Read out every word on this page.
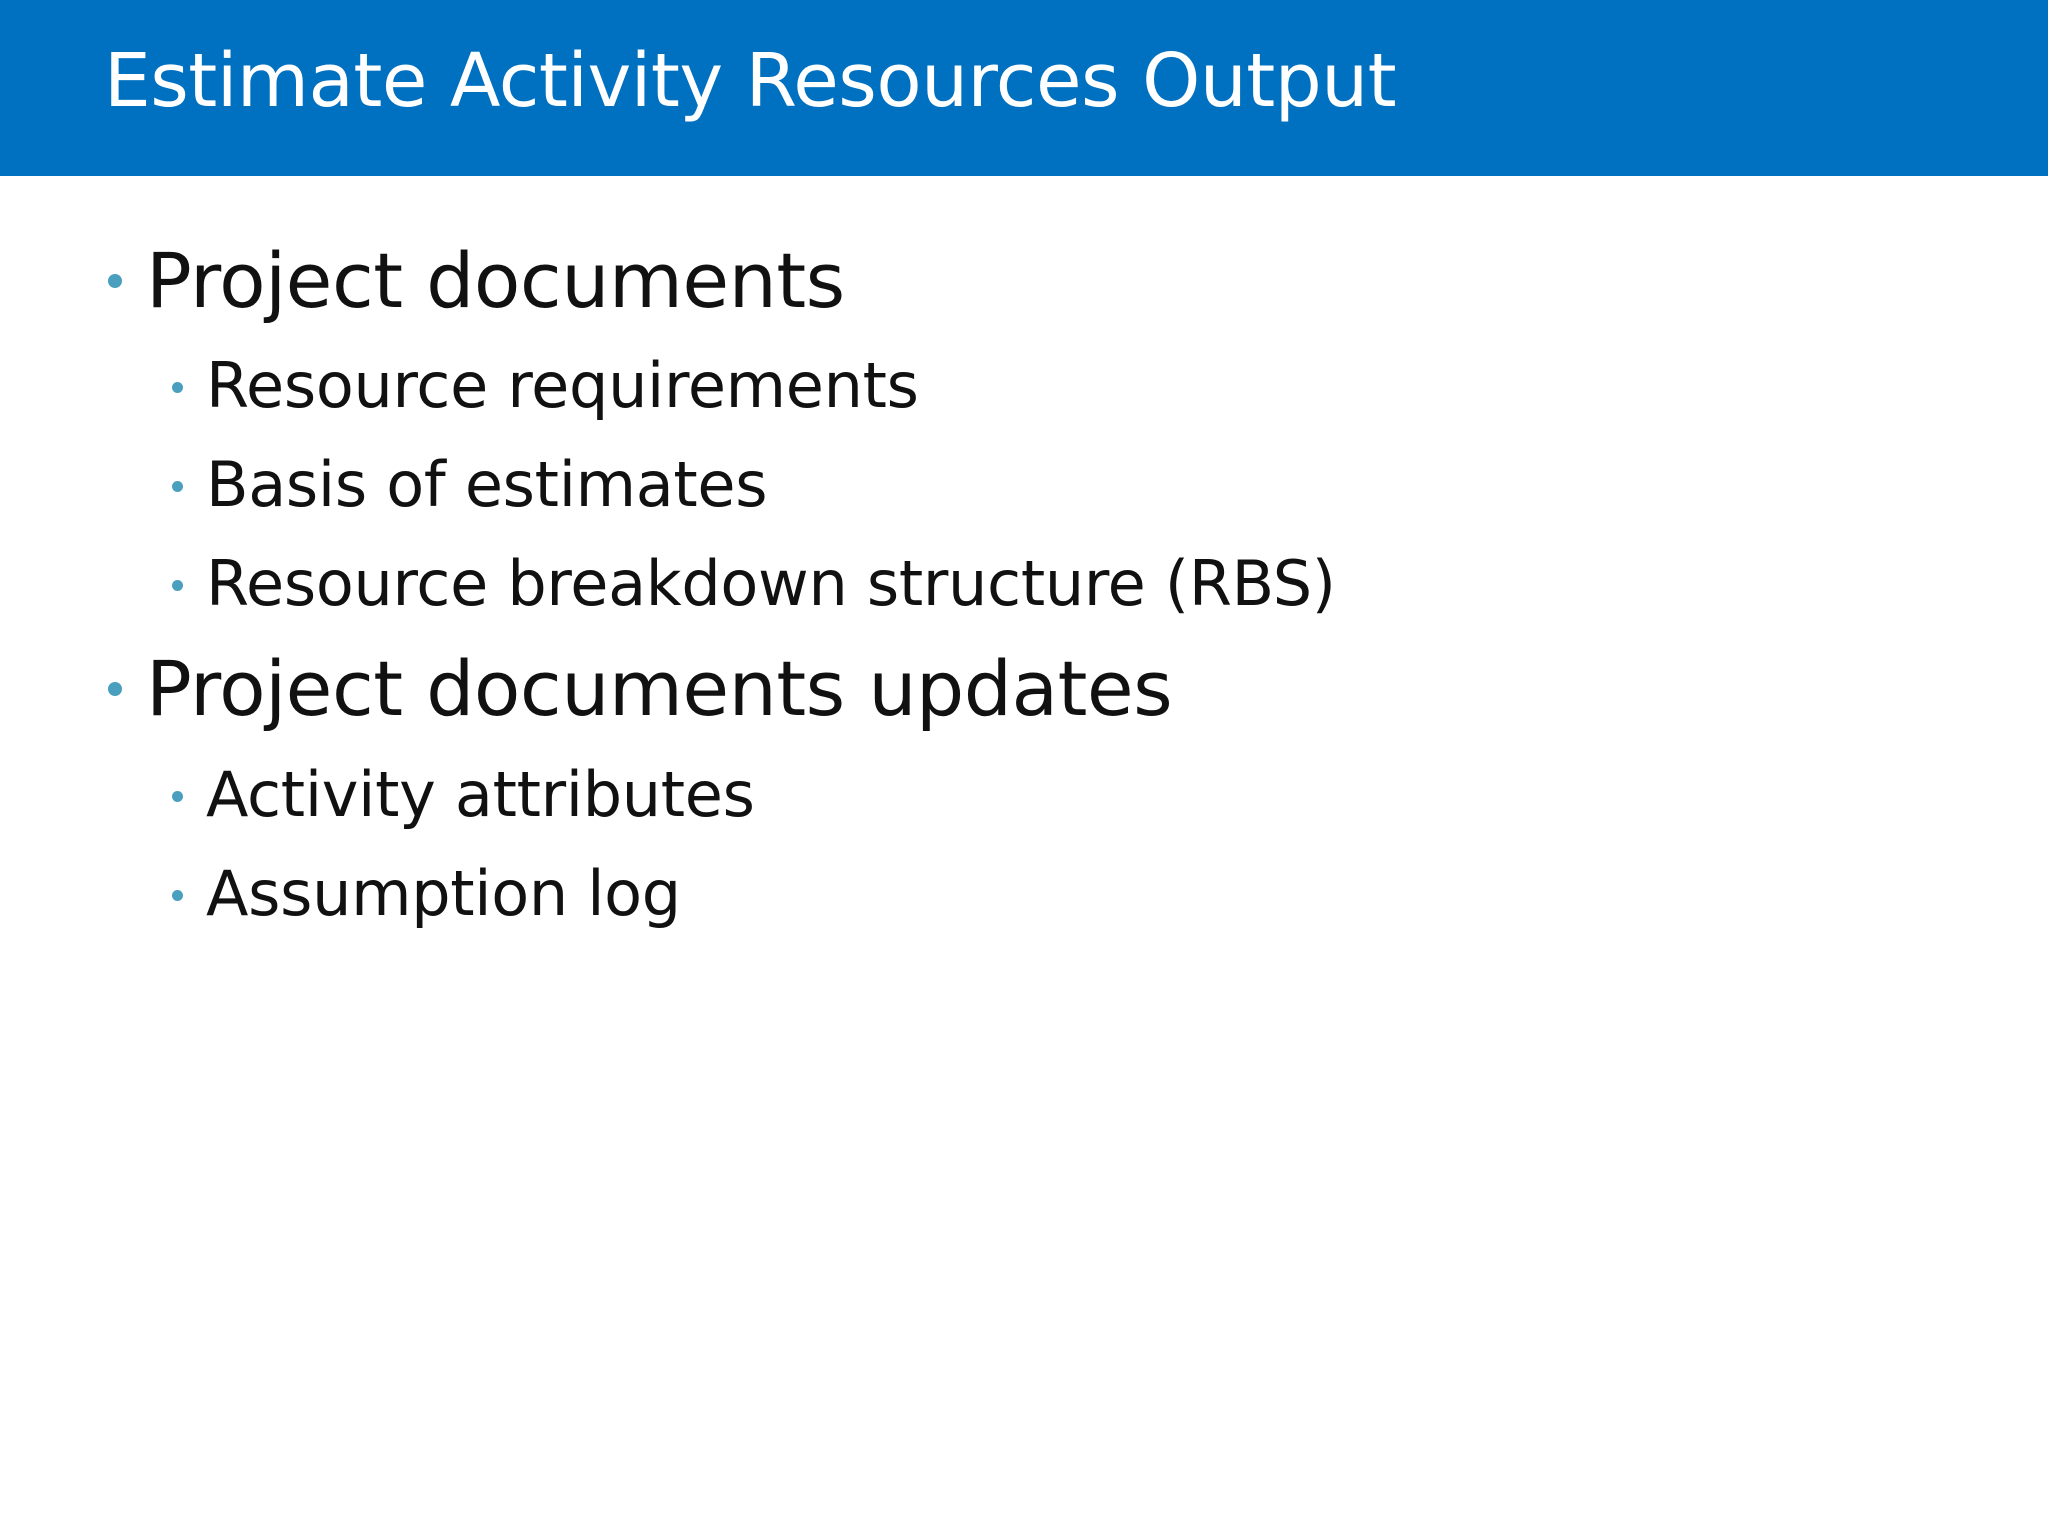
Estimate Activity Resources Output
Project documents
Resource requirements
Basis of estimates
Resource breakdown structure (RBS)
Project documents updates
Activity attributes
Assumption log
